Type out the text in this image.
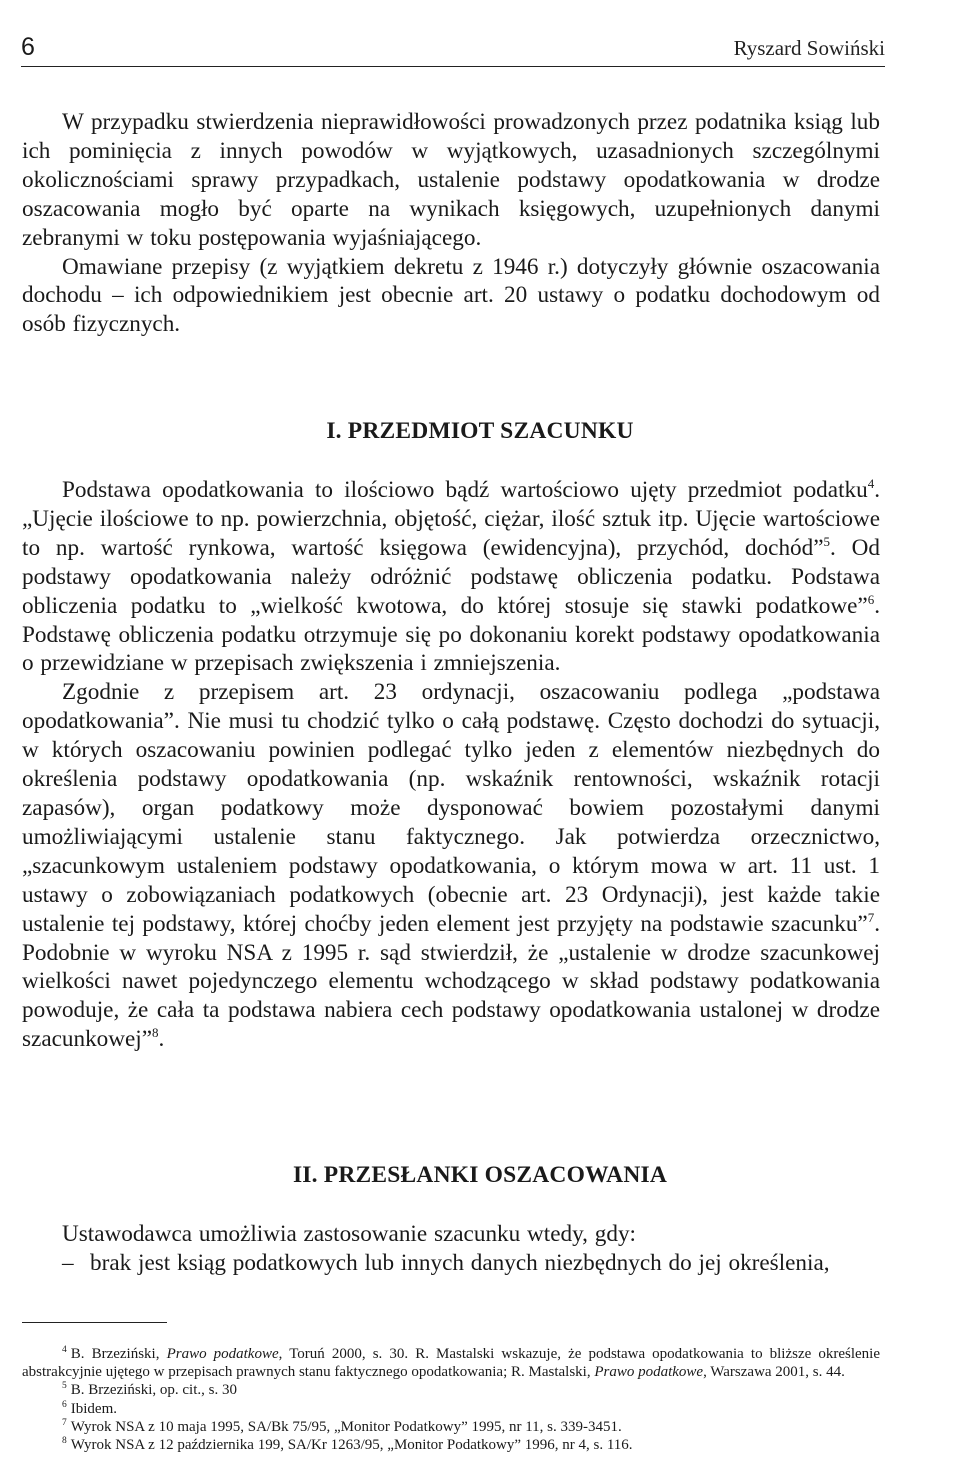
6	Ryszard Sowiński

W przypadku stwierdzenia nieprawidłowości prowadzonych przez podatnika ksiąg lub ich pominięcia z innych powodów w wyjątkowych, uzasadnionych szczególnymi okolicznościami sprawy przypadkach, ustalenie podstawy opodatkowania w drodze oszacowania mogło być oparte na wynikach księgowych, uzupełnionych danymi zebranymi w toku postępowania wyjaśniającego.

Omawiane przepisy (z wyjątkiem dekretu z 1946 r.) dotyczyły głównie oszacowania dochodu – ich odpowiednikiem jest obecnie art. 20 ustawy o podatku dochodowym od osób fizycznych.

I. PRZEDMIOT SZACUNKU

Podstawa opodatkowania to ilościowo bądź wartościowo ujęty przedmiot podatku$^4$. „Ujęcie ilościowe to np. powierzchnia, objętość, ciężar, ilość sztuk itp. Ujęcie wartościowe to np. wartość rynkowa, wartość księgowa (ewidencyjna), przychód, dochód”$^5$. Od podstawy opodatkowania należy odróżnić podstawę obliczenia podatku. Podstawa obliczenia podatku to „wielkość kwotowa, do której stosuje się stawki podatkowe”$^6$. Podstawę obliczenia podatku otrzymuje się po dokonaniu korekt podstawy opodatkowania o przewidziane w przepisach zwiększenia i zmniejszenia.

Zgodnie z przepisem art. 23 ordynacji, oszacowaniu podlega „podstawa opodatkowania”. Nie musi tu chodzić tylko o całą podstawę. Często dochodzi do sytuacji, w których oszacowaniu powinien podlegać tylko jeden z elementów niezbędnych do określenia podstawy opodatkowania (np. wskaźnik rentowności, wskaźnik rotacji zapasów), organ podatkowy może dysponować bowiem pozostałymi danymi umożliwiającymi ustalenie stanu faktycznego. Jak potwierdza orzecznictwo, „szacunkowym ustaleniem podstawy opodatkowania, o którym mowa w art. 11 ust. 1 ustawy o zobowiązaniach podatkowych (obecnie art. 23 Ordynacji), jest każde takie ustalenie tej podstawy, której choćby jeden element jest przyjęty na podstawie szacunku”$^7$. Podobnie w wyroku NSA z 1995 r. sąd stwierdził, że „ustalenie w drodze szacunkowej wielkości nawet pojedynczego elementu wchodzącego w skład podstawy podatkowania powoduje, że cała ta podstawa nabiera cech podstawy opodatkowania ustalonej w drodze szacunkowej”$^8$.

II. PRZESŁANKI OSZACOWANIA

Ustawodawca umożliwia zastosowanie szacunku wtedy, gdy:

– brak jest ksiąg podatkowych lub innych danych niezbędnych do jej określenia,

$^4$ B. Brzeziński, Prawo podatkowe, Toruń 2000, s. 30. R. Mastalski wskazuje, że podstawa opodatkowania to bliższe określenie abstrakcyjnie ujętego w przepisach prawnych stanu faktycznego opodatkowania; R. Mastalski, Prawo podatkowe, Warszawa 2001, s. 44.

$^5$ B. Brzeziński, op. cit., s. 30

$^6$ Ibidem.

$^7$ Wyrok NSA z 10 maja 1995, SA/Bk 75/95, „Monitor Podatkowy” 1995, nr 11, s. 339-3451.

$^8$ Wyrok NSA z 12 października 199, SA/Kr 1263/95, „Monitor Podatkowy” 1996, nr 4, s. 116.
